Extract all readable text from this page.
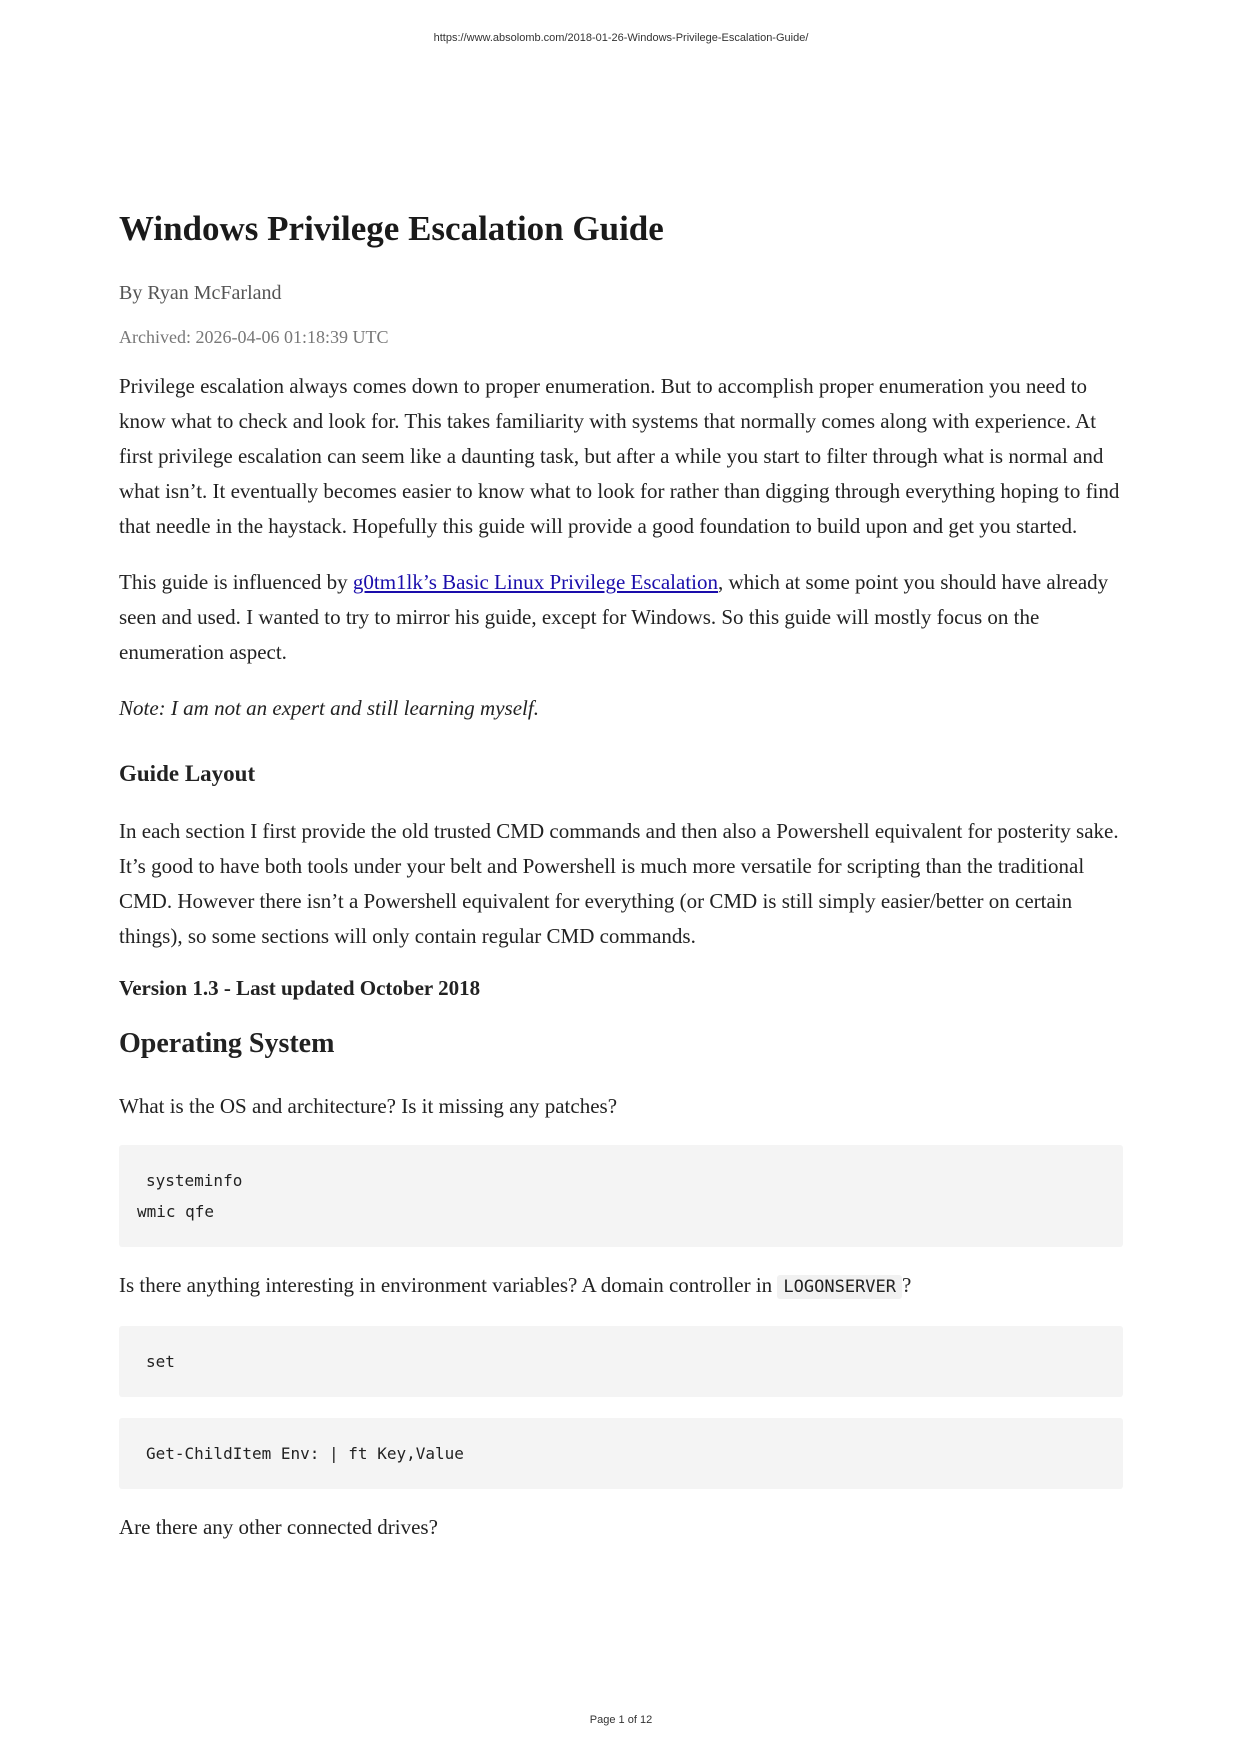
https://www.absolomb.com/2018-01-26-Windows-Privilege-Escalation-Guide/
Windows Privilege Escalation Guide
By Ryan McFarland
Archived: 2026-04-06 01:18:39 UTC

Privilege escalation always comes down to proper enumeration. But to accomplish proper enumeration you need to know what to check and look for. This takes familiarity with systems that normally comes along with experience. At first privilege escalation can seem like a daunting task, but after a while you start to filter through what is normal and what isn’t. It eventually becomes easier to know what to look for rather than digging through everything hoping to find that needle in the haystack. Hopefully this guide will provide a good foundation to build upon and get you started.

This guide is influenced by g0tm1lk’s Basic Linux Privilege Escalation, which at some point you should have already seen and used. I wanted to try to mirror his guide, except for Windows. So this guide will mostly focus on the enumeration aspect.

Note: I am not an expert and still learning myself.

Guide Layout

In each section I first provide the old trusted CMD commands and then also a Powershell equivalent for posterity sake. It’s good to have both tools under your belt and Powershell is much more versatile for scripting than the traditional CMD. However there isn’t a Powershell equivalent for everything (or CMD is still simply easier/better on certain things), so some sections will only contain regular CMD commands.

Version 1.3 - Last updated October 2018
Operating System

What is the OS and architecture? Is it missing any patches?

systeminfo
wmic qfe

Is there anything interesting in environment variables? A domain controller in LOGONSERVER ?

set
Get-ChildItem Env: | ft Key,Value

Are there any other connected drives?

Page 1 of 12
